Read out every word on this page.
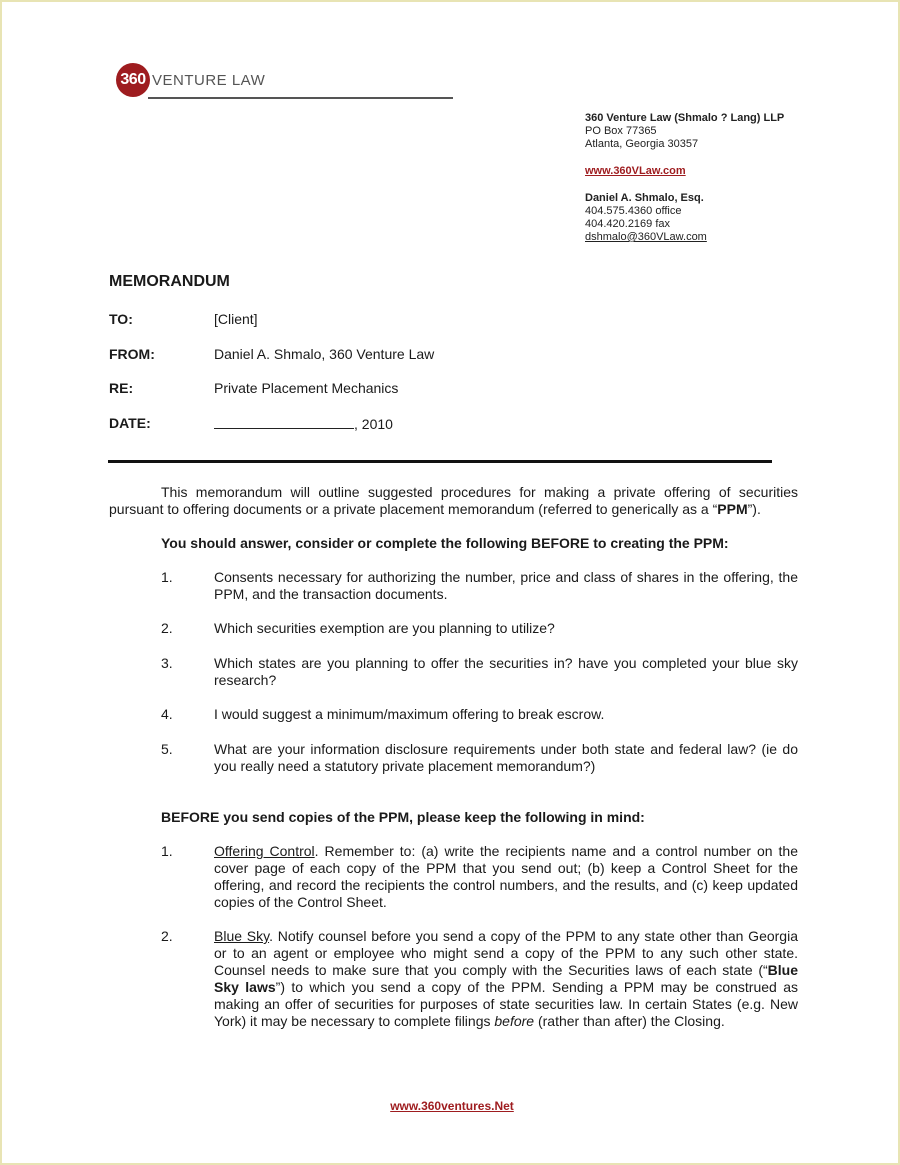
360 VENTURE LAW
360 Venture Law (Shmalo ? Lang) LLP
PO Box 77365
Atlanta, Georgia 30357
www.360VLaw.com
Daniel A. Shmalo, Esq.
404.575.4360 office
404.420.2169 fax
dshmalo@360VLaw.com
MEMORANDUM
TO:	[Client]
FROM:	Daniel A. Shmalo, 360 Venture Law
RE:	Private Placement Mechanics
DATE:	, 2010
This memorandum will outline suggested procedures for making a private offering of securities pursuant to offering documents or a private placement memorandum (referred to generically as a “PPM”).
You should answer, consider or complete the following BEFORE to creating the PPM:
1.	Consents necessary for authorizing the number, price and class of shares in the offering, the PPM, and the transaction documents.
2.	Which securities exemption are you planning to utilize?
3.	Which states are you planning to offer the securities in? have you completed your blue sky research?
4.	I would suggest a minimum/maximum offering to break escrow.
5.	What are your information disclosure requirements under both state and federal law? (ie do you really need a statutory private placement memorandum?)
BEFORE you send copies of the PPM, please keep the following in mind:
1.	Offering Control. Remember to: (a) write the recipients name and a control number on the cover page of each copy of the PPM that you send out; (b) keep a Control Sheet for the offering, and record the recipients the control numbers, and the results, and (c) keep updated copies of the Control Sheet.
2.	Blue Sky. Notify counsel before you send a copy of the PPM to any state other than Georgia or to an agent or employee who might send a copy of the PPM to any such other state. Counsel needs to make sure that you comply with the Securities laws of each state (“Blue Sky laws”) to which you send a copy of the PPM. Sending a PPM may be construed as making an offer of securities for purposes of state securities law. In certain States (e.g. New York) it may be necessary to complete filings before (rather than after) the Closing.
www.360ventures.Net
